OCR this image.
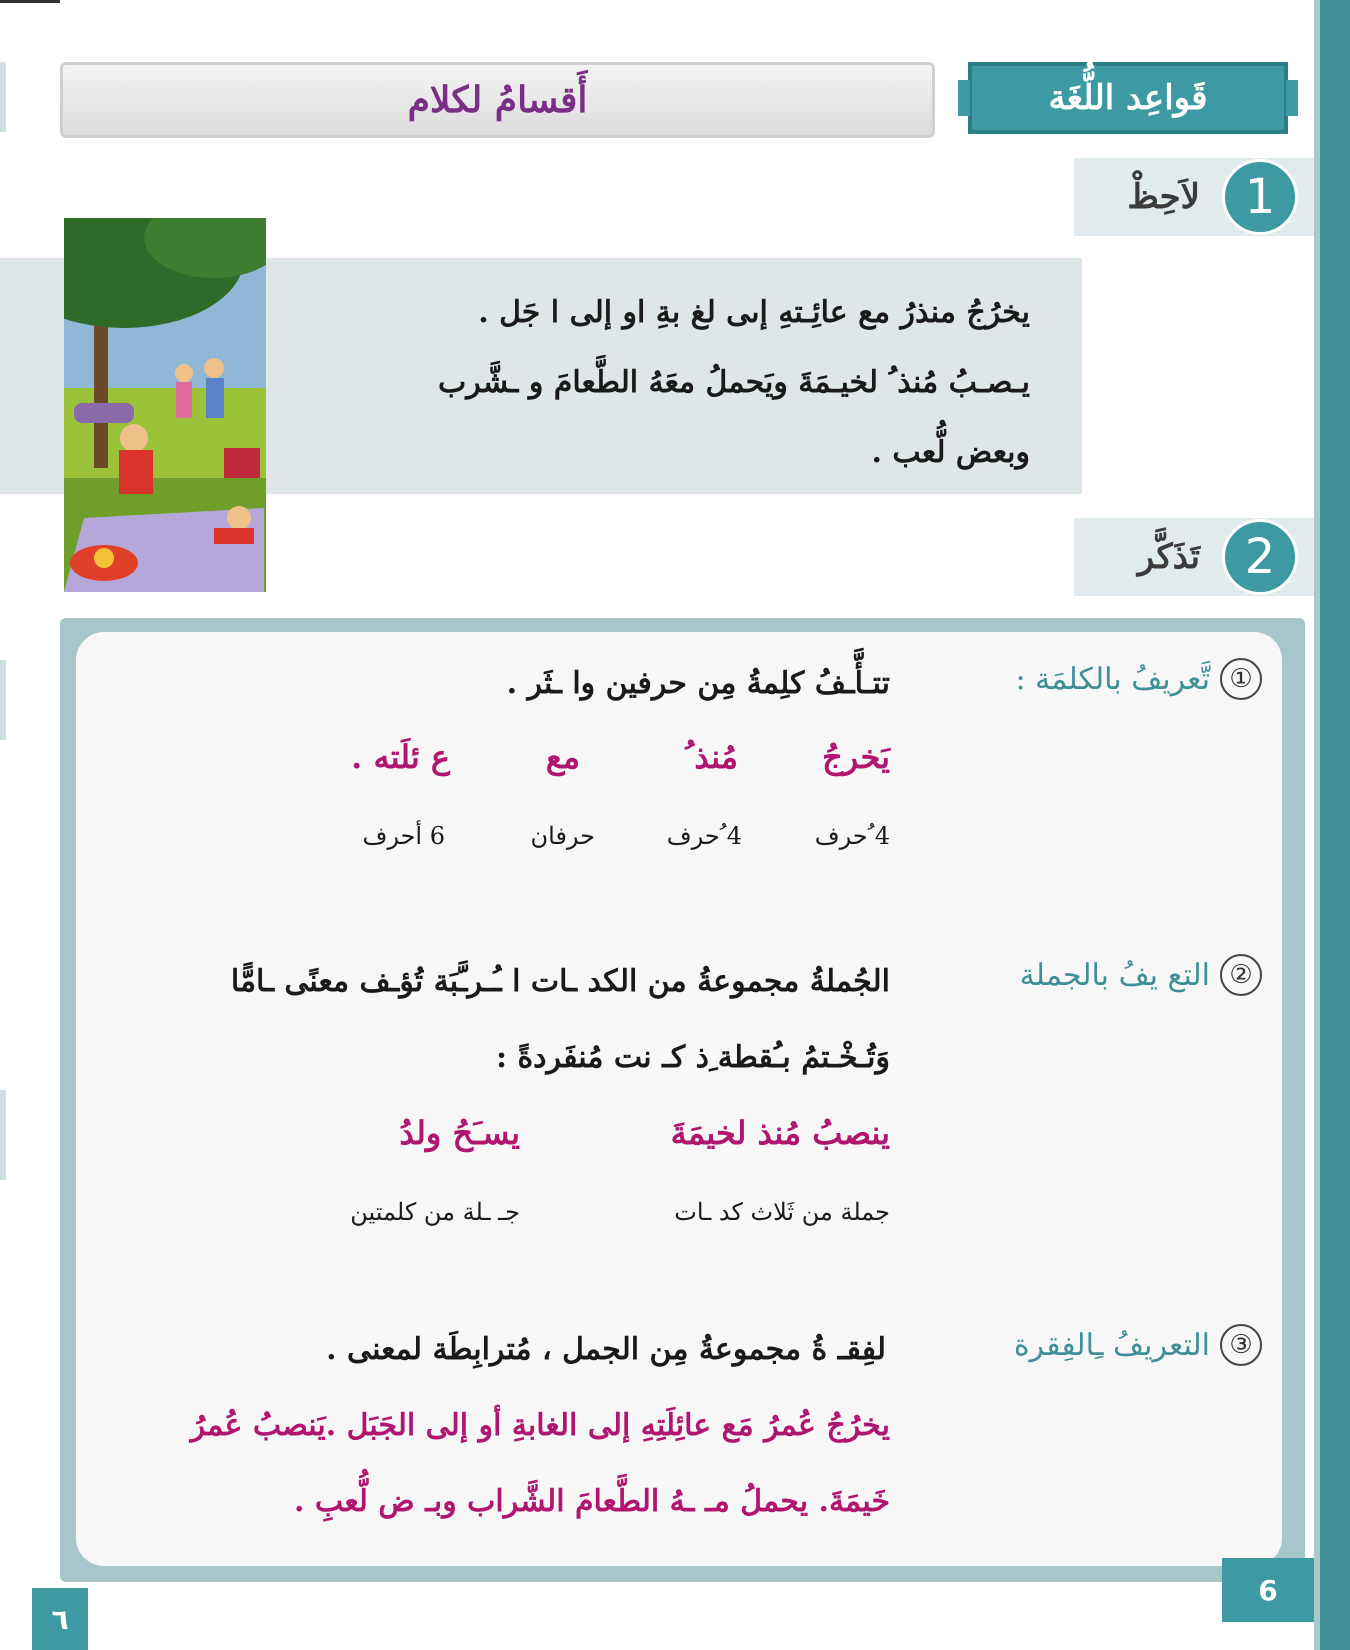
قَواعِد اللُّغَة
أَقسامُ لكلام
1
لاَحِظْ

يخرُجُ منذرُ مع عائِـتهِ إىى لغ بةِ او إلى ا جَل .

يـصـبُ مُنذ ُ لخيـمَةَ ويَحملُ معَهُ الطَّعامَ و ـشَّرب

وبعض لُّعب .

2
تَذَكَّر
①
تَّعريفُ بالكلمَة :
تتـأَّـفُ كلِمةُ مِن حرفين وا ـثَر .
يَخرجُ
مُنذ ُ
مع
ع ئلَته .
4 ُحرف
4 ُحرف
حرفان
6 أحرف
②
التع يفُ بالجملة
الجُملةُ مجموعةُ من الكد ـات ا ـُـرـَّبَة تُؤـف معنًى ـامًّا
وَتُـخْـتمُ بـُقطة ِذ كـ نت مُنفَردةً :
ينصبُ مُنذ لخيمَةَ
يسـَحُ ولدُ
جملة من ثَلاث كد ـات
جـ ـلة من كلمتين
③
التعريفُ ـِالفِقرة
لفِقـ ةُ مجموعةُ مِن الجمل ، مُترابِطَة لمعنى .
يخرُجُ عُمرُ مَع عائِلَتِهِ إلى الغابةِ أو إلى الجَبَل .يَنصبُ عُمرُ
خَيمَةَ. يحملُ مـ ـهُ الطَّعامَ الشَّراب وبـ ض لُّعبِ .
٦
6
